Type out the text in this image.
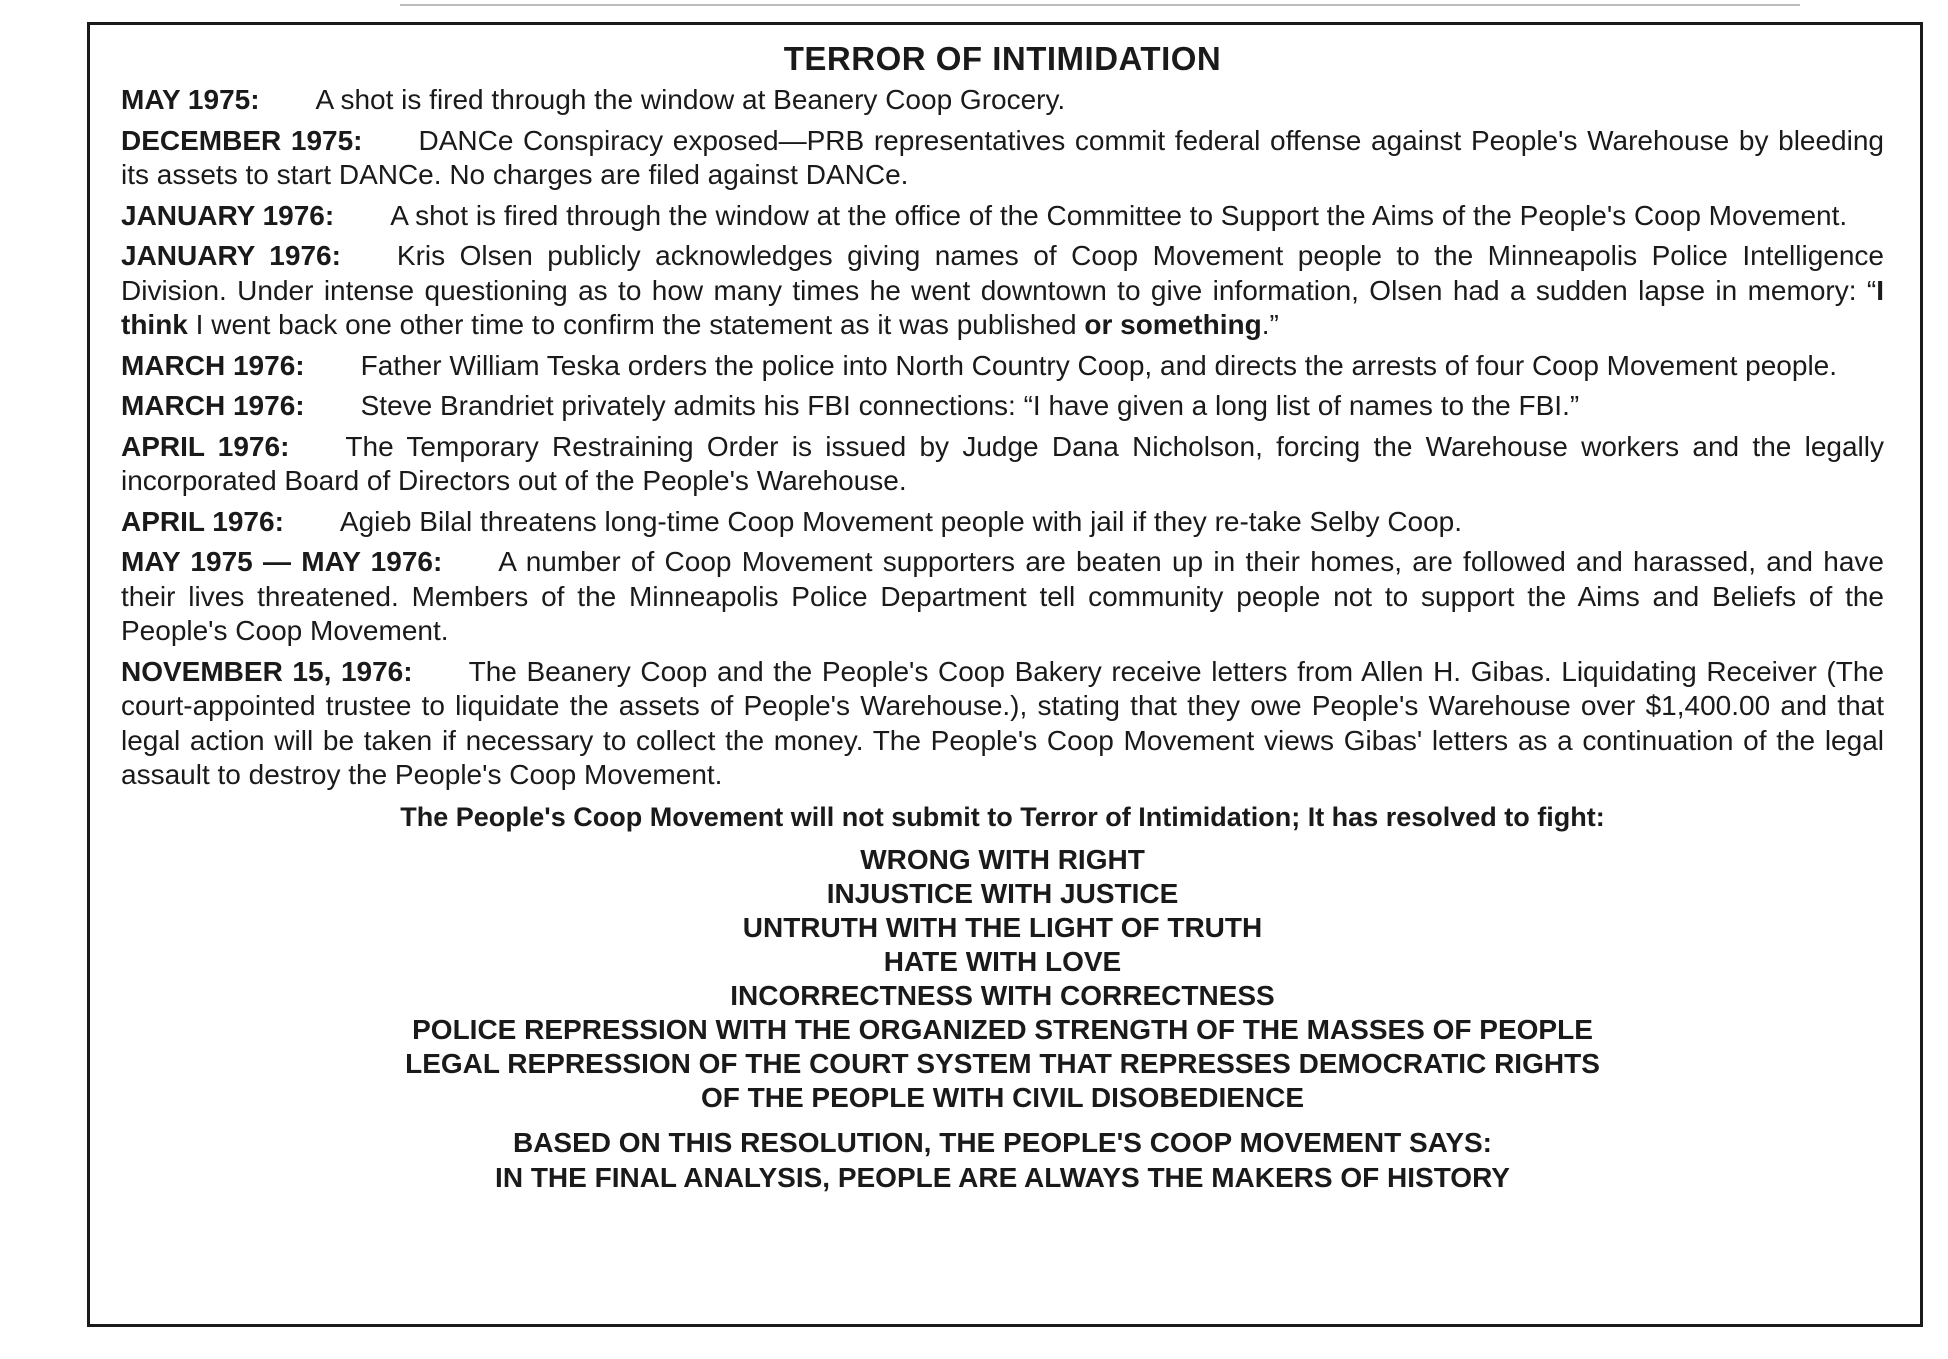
TERROR OF INTIMIDATION

MAY 1975: A shot is fired through the window at Beanery Coop Grocery.

DECEMBER 1975: DANCe Conspiracy exposed—PRB representatives commit federal offense against People's Warehouse by bleeding its assets to start DANCe. No charges are filed against DANCe.

JANUARY 1976: A shot is fired through the window at the office of the Committee to Support the Aims of the People's Coop Movement.

JANUARY 1976: Kris Olsen publicly acknowledges giving names of Coop Movement people to the Minneapolis Police Intelligence Division. Under intense questioning as to how many times he went downtown to give information, Olsen had a sudden lapse in memory: “I think I went back one other time to confirm the statement as it was published or something.”

MARCH 1976: Father William Teska orders the police into North Country Coop, and directs the arrests of four Coop Movement people.

MARCH 1976: Steve Brandriet privately admits his FBI connections: “I have given a long list of names to the FBI.”

APRIL 1976: The Temporary Restraining Order is issued by Judge Dana Nicholson, forcing the Warehouse workers and the legally incorporated Board of Directors out of the People's Warehouse.

APRIL 1976: Agieb Bilal threatens long-time Coop Movement people with jail if they re-take Selby Coop.

MAY 1975 — MAY 1976: A number of Coop Movement supporters are beaten up in their homes, are followed and harassed, and have their lives threatened. Members of the Minneapolis Police Department tell community people not to support the Aims and Beliefs of the People's Coop Movement.

NOVEMBER 15, 1976: The Beanery Coop and the People's Coop Bakery receive letters from Allen H. Gibas. Liquidating Receiver (The court-appointed trustee to liquidate the assets of People's Warehouse.), stating that they owe People's Warehouse over $1,400.00 and that legal action will be taken if necessary to collect the money. The People's Coop Movement views Gibas' letters as a continuation of the legal assault to destroy the People's Coop Movement.

The People's Coop Movement will not submit to Terror of Intimidation; It has resolved to fight:
WRONG WITH RIGHT
INJUSTICE WITH JUSTICE
UNTRUTH WITH THE LIGHT OF TRUTH
HATE WITH LOVE
INCORRECTNESS WITH CORRECTNESS
POLICE REPRESSION WITH THE ORGANIZED STRENGTH OF THE MASSES OF PEOPLE
LEGAL REPRESSION OF THE COURT SYSTEM THAT REPRESSES DEMOCRATIC RIGHTS
OF THE PEOPLE WITH CIVIL DISOBEDIENCE
BASED ON THIS RESOLUTION, THE PEOPLE'S COOP MOVEMENT SAYS:
IN THE FINAL ANALYSIS, PEOPLE ARE ALWAYS THE MAKERS OF HISTORY
